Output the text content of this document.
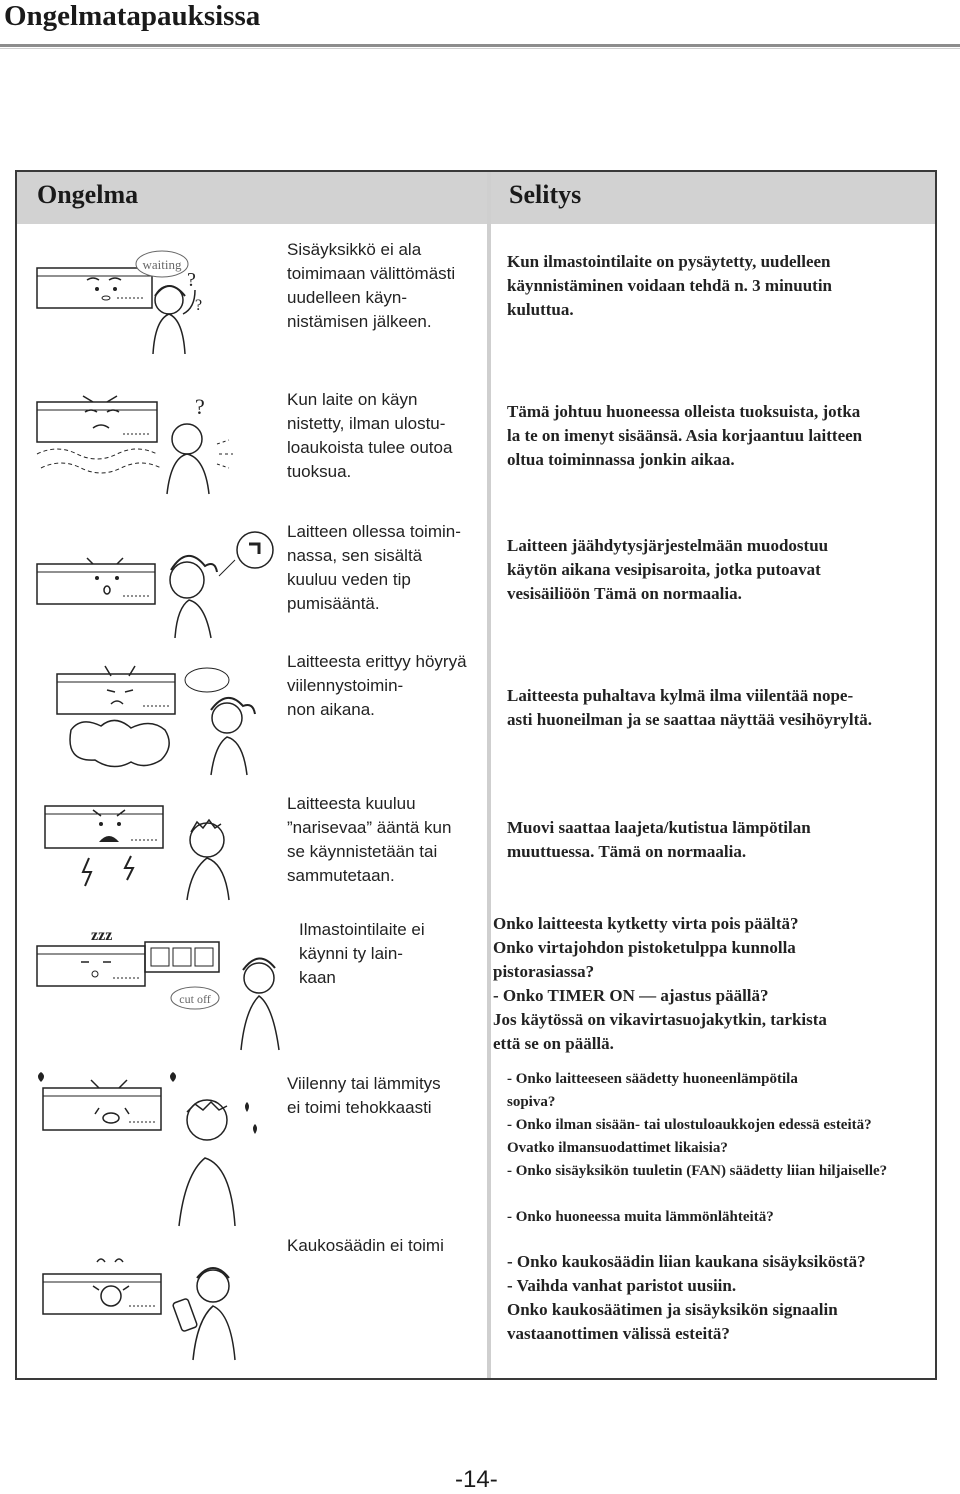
Ongelmatapauksissa
Ongelma	Selitys
waiting
?
?
Sisäyksikkö ei ala
toimimaan välittömästi
uudelleen käyn-
nistämisen jälkeen.
Kun ilmastointilaite on pysäytetty, uudelleen
käynnistäminen voidaan tehdä n. 3 minuutin
kuluttua.
?	Kun laite on käyn
nistetty, ilman ulostu-
loaukoista tulee outoa
tuoksua.
Tämä johtuu huoneessa olleista tuoksuista, jotka
la te on imenyt sisäänsä. Asia korjaantuu laitteen
oltua toiminnassa jonkin aikaa.
Laitteen ollessa toimin-
nassa, sen sisältä
kuuluu veden tip
pumisääntä.
Laitteen jäähdytysjärjestelmään muodostuu
käytön aikana vesipisaroita, jotka putoavat
vesisäiliöön Tämä on normaalia.
Laitteesta erittyy höyryä
viilennystoimin-
non aikana.
Laitteesta puhaltava kylmä ilma viilentää nope-
asti huoneilman ja se saattaa näyttää vesihöyryltä.
Laitteesta kuuluu
”narisevaa” ääntä kun
se käynnistetään tai
sammutetaan.
Muovi saattaa laajeta/kutistua lämpötilan
muuttuessa. Tämä on normaalia.
zzz
cut off
Ilmastointilaite ei
käynni ty lain-
kaan
Onko laitteesta kytketty virta pois päältä?
Onko virtajohdon pistoketulppa kunnolla
pistorasiassa?
- Onko TIMER ON — ajastus päällä?
Jos käytössä on vikavirtasuojakytkin, tarkista
että se on päällä.
Viilenny tai lämmitys
ei toimi tehokkaasti
- Onko laitteeseen säädetty huoneenlämpötila
sopiva?
- Onko ilman sisään- tai ulostuloaukkojen edessä esteitä?
Ovatko ilmansuodattimet likaisia?
- Onko sisäyksikön tuuletin (FAN) säädetty liian hiljaiselle?

- Onko huoneessa muita lämmönlähteitä?
Kaukosäädin ei toimi
- Onko kaukosäädin liian kaukana sisäyksiköstä?
- Vaihda vanhat paristot uusiin.
Onko kaukosäätimen ja sisäyksikön signaalin
vastaanottimen välissä esteitä?
-14-
